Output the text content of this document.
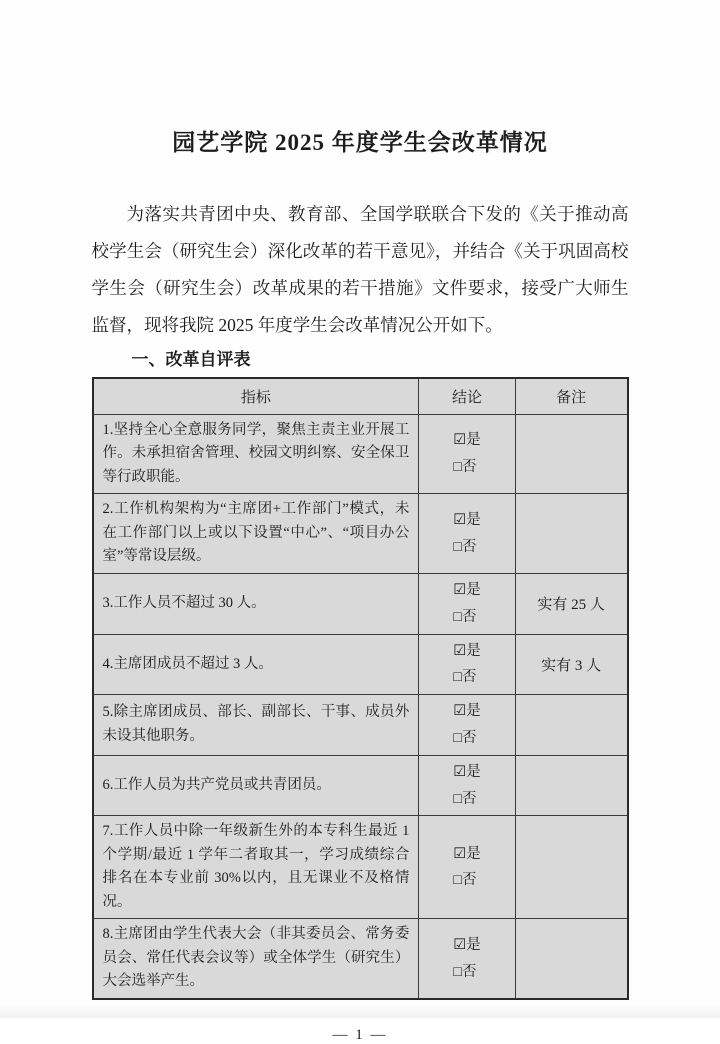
园艺学院 2025 年度学生会改革情况

为落实共青团中央、教育部、全国学联联合下发的《关于推动高校学生会（研究生会）深化改革的若干意见》，并结合《关于巩固高校学生会（研究生会）改革成果的若干措施》文件要求，接受广大师生监督，现将我院 2025 年度学生会改革情况公开如下。

一、改革自评表
指标	结论	备注
1.坚持全心全意服务同学，聚焦主责主业开展工作。未承担宿舍管理、校园文明纠察、安全保卫等行政职能。	☑是
□否	
2.工作机构架构为“主席团+工作部门”模式，未在工作部门以上或以下设置“中心”、“项目办公室”等常设层级。	☑是
□否	
3.工作人员不超过 30 人。	☑是
□否	实有 25 人
4.主席团成员不超过 3 人。	☑是
□否	实有 3 人
5.除主席团成员、部长、副部长、干事、成员外未设其他职务。	☑是
□否	
6.工作人员为共产党员或共青团员。	☑是
□否	
7.工作人员中除一年级新生外的本专科生最近 1 个学期/最近 1 学年二者取其一，学习成绩综合排名在本专业前 30%以内，且无课业不及格情况。	☑是
□否	
8.主席团由学生代表大会（非其委员会、常务委员会、常任代表会议等）或全体学生（研究生）大会选举产生。	☑是
□否	
— 1 —
